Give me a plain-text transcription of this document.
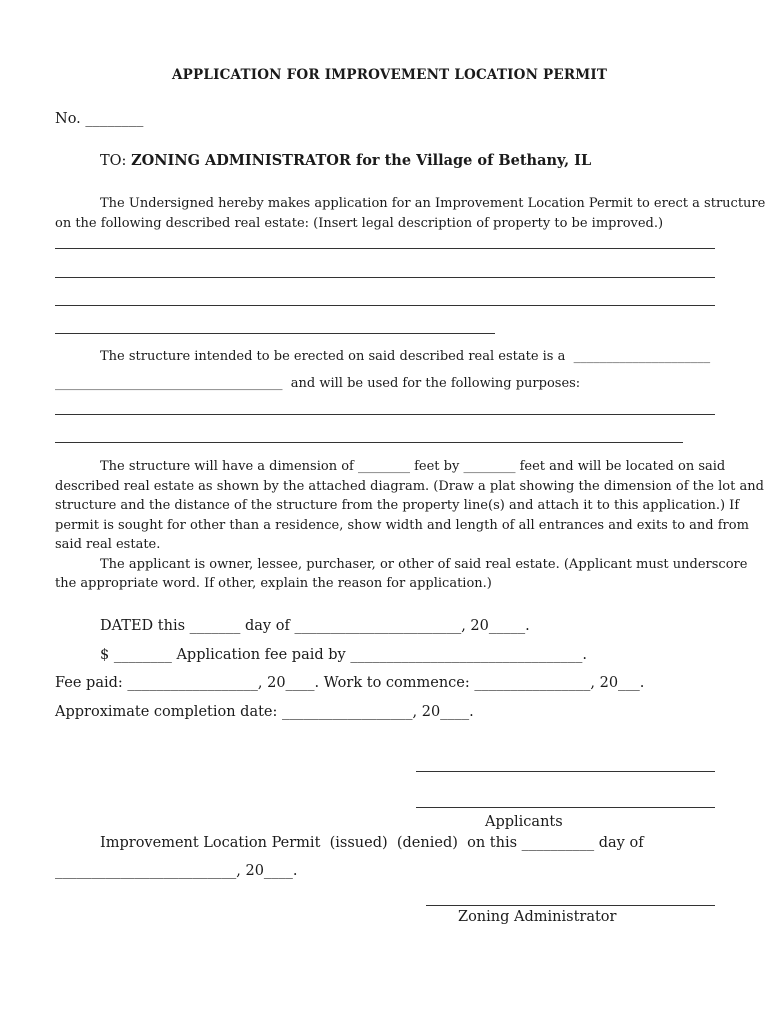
APPLICATION FOR IMPROVEMENT LOCATION PERMIT
No. ________
TO: ZONING ADMINISTRATOR for the Village of Bethany, IL
The Undersigned hereby makes application for an Improvement Location Permit to erect a structure
on the following described real estate: (Insert legal description of property to be improved.)
The structure intended to be erected on said described real estate is a  _____________________
___________________________________  and will be used for the following purposes:
The structure will have a dimension of ________ feet by ________ feet and will be located on said
described real estate as shown by the attached diagram. (Draw a plat showing the dimension of the lot and
structure and the distance of the structure from the property line(s) and attach it to this application.) If
permit is sought for other than a residence, show width and length of all entrances and exits to and from
said real estate.
The applicant is owner, lessee, purchaser, or other of said real estate. (Applicant must underscore
the appropriate word. If other, explain the reason for application.)
DATED this _______ day of _______________________, 20_____.
$ ________ Application fee paid by ________________________________.
Fee paid: __________________, 20____. Work to commence: ________________, 20___.
Approximate completion date: __________________, 20____.
Applicants
Improvement Location Permit  (issued)  (denied)  on this __________ day of
_________________________, 20____.
Zoning Administrator
